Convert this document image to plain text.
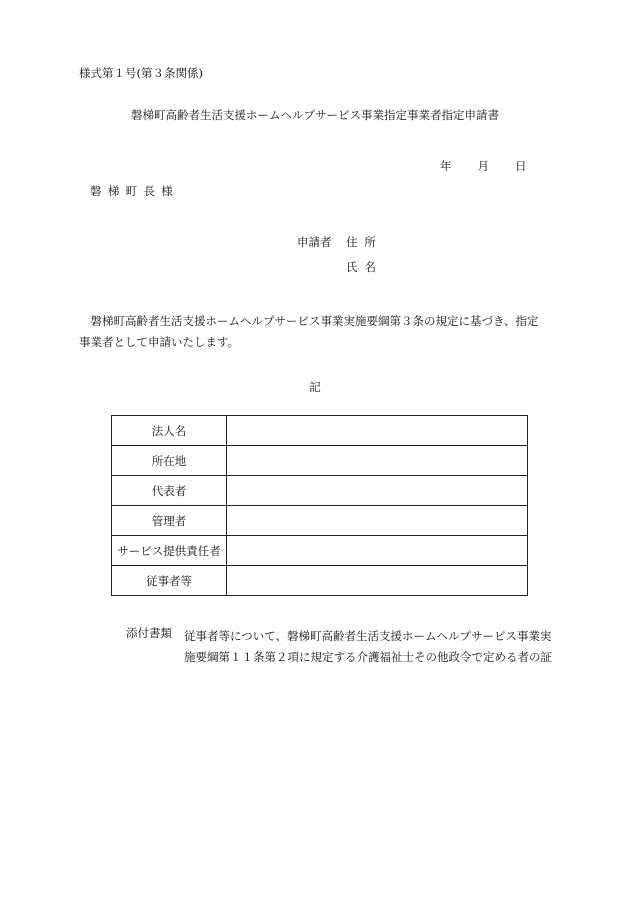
様式第１号(第３条関係)
磐梯町高齢者生活支援ホームヘルプサービス事業指定事業者指定申請書
年 月 日
磐梯町長様
申請者 住所
氏名
磐梯町高齢者生活支援ホームヘルプサービス事業実施要綱第３条の規定に基づき、指定事業者として申請いたします。
記
法人名	
所在地	
代表者	
管理者	
サービス提供責任者	
従事者等	
添付書類 従事者等について、磐梯町高齢者生活支援ホームヘルプサービス事業実施要綱第１１条第２項に規定する介護福祉士その他政令で定める者の証
